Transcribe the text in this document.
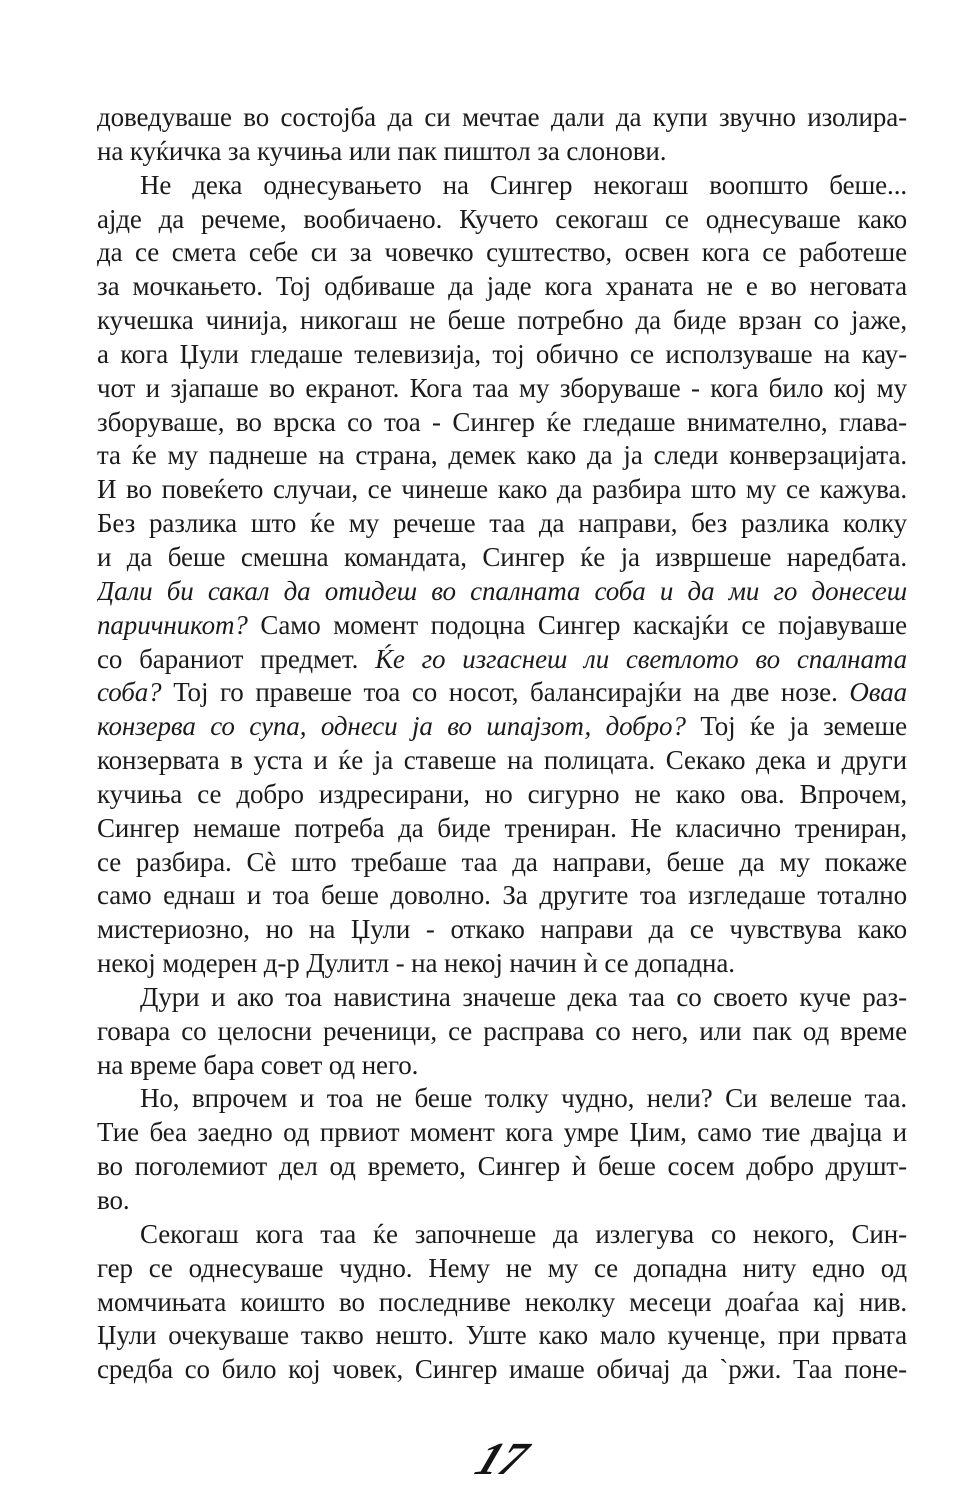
доведуваше во состојба да си мечтае дали да купи звучно изолира-
на куќичка за кучиња или пак пиштол за слонови.
Не дека однесувањето на Сингер некогаш воопшто беше...
ајде да речеме, вообичаено. Кучето секогаш се однесуваше како
да се смета себе си за човечко суштество, освен кога се работеше
за мочкањето. Тој одбиваше да јаде кога храната не е во неговата
кучешка чинија, никогаш не беше потребно да биде врзан со јаже,
а кога Џули гледаше телевизија, тој обично се исползуваше на кау-
чот и зјапаше во екранот. Кога таа му зборуваше - кога било кој му
зборуваше, во врска со тоа - Сингер ќе гледаше внимателно, глава-
та ќе му паднеше на страна, демек како да ја следи конверзацијата.
И во повеќето случаи, се чинеше како да разбира што му се кажува.
Без разлика што ќе му речеше таа да направи, без разлика колку
и да беше смешна командата, Сингер ќе ја извршеше наредбата.
Дали би сакал да отидеш во спалната соба и да ми го донесеш
паричникот? Само момент подоцна Сингер каскајќи се појавуваше
со бараниот предмет. Ќе го изгаснеш ли светлото во спалната
соба? Тој го правеше тоа со носот, балансирајќи на две нозе. Оваа
конзерва со супа, однеси ја во шпајзот, добро? Тој ќе ја земеше
конзервата в уста и ќе ја ставеше на полицата. Секако дека и други
кучиња се добро издресирани, но сигурно не како ова. Впрочем,
Сингер немаше потреба да биде трениран. Не класично трениран,
се разбира. Сѐ што требаше таа да направи, беше да му покаже
само еднаш и тоа беше доволно. За другите тоа изгледаше тотално
мистериозно, но на Џули - откако направи да се чувствува како
некој модерен д-р Дулитл - на некој начин ѝ се допадна.
Дури и ако тоа навистина значеше дека таа со своето куче раз-
говара со целосни реченици, се расправа со него, или пак од време
на време бара совет од него.
Но, впрочем и тоа не беше толку чудно, нели? Си велеше таа.
Тие беа заедно од првиот момент кога умре Џим, само тие двајца и
во поголемиот дел од времето, Сингер ѝ беше сосем добро друшт-
во.
Секогаш кога таа ќе започнеше да излегува со некого, Син-
гер се однесуваше чудно. Нему не му се допадна ниту едно од
момчињата коишто во последниве неколку месеци доаѓаа кај нив.
Џули очекуваше такво нешто. Уште како мало кученце, при првата
средба со било кој човек, Сингер имаше обичај да `ржи. Таа поне-
17
